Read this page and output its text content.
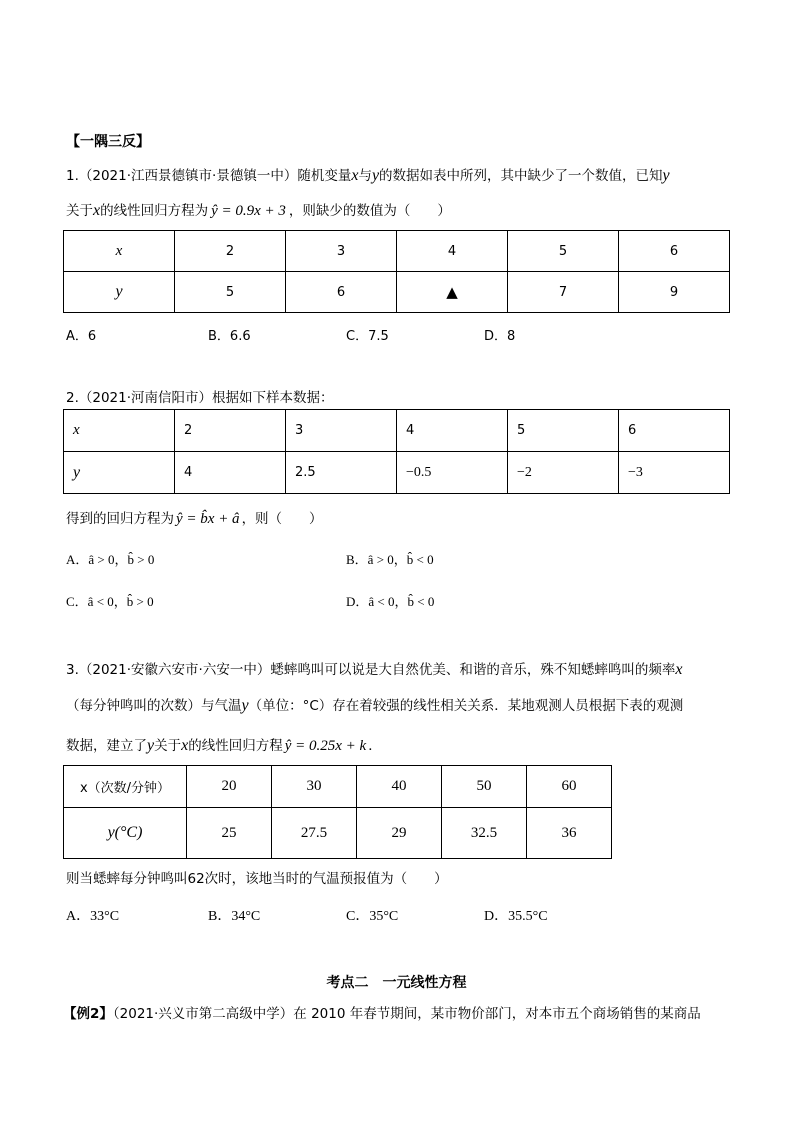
【一隅三反】
1.（2021·江西景德镇市·景德镇一中）随机变量x与y的数据如表中所列，其中缺少了一个数值，已知y
关于x的线性回归方程为 ŷ = 0.9x + 3 ，则缺少的数值为（　　）
x	2	3	4	5	6
y	5	6	▲	7	9
A．6	B．6.6	C．7.5	D．8
2.（2021·河南信阳市）根据如下样本数据：
x	2	3	4	5	6
y	4	2.5	−0.5	−2	−3
得到的回归方程为 ŷ = b̂x + â ，则（　　）
A．â > 0，b̂ > 0	B．â > 0，b̂ < 0
C．â < 0，b̂ > 0	D．â < 0，b̂ < 0
3.（2021·安徽六安市·六安一中）蟋蟀鸣叫可以说是大自然优美、和谐的音乐，殊不知蟋蟀鸣叫的频率x
（每分钟鸣叫的次数）与气温y（单位：°C）存在着较强的线性相关关系．某地观测人员根据下表的观测
数据，建立了y关于x的线性回归方程 ŷ = 0.25x + k ．
x（次数/分钟）	20	30	40	50	60
y(°C)	25	27.5	29	32.5	36
则当蟋蟀每分钟鸣叫62次时，该地当时的气温预报值为（　　）
A．33°C	B．34°C	C．35°C	D．35.5°C
考点二　一元线性方程
【例2】（2021·兴义市第二高级中学）在 2010 年春节期间，某市物价部门，对本市五个商场销售的某商品
